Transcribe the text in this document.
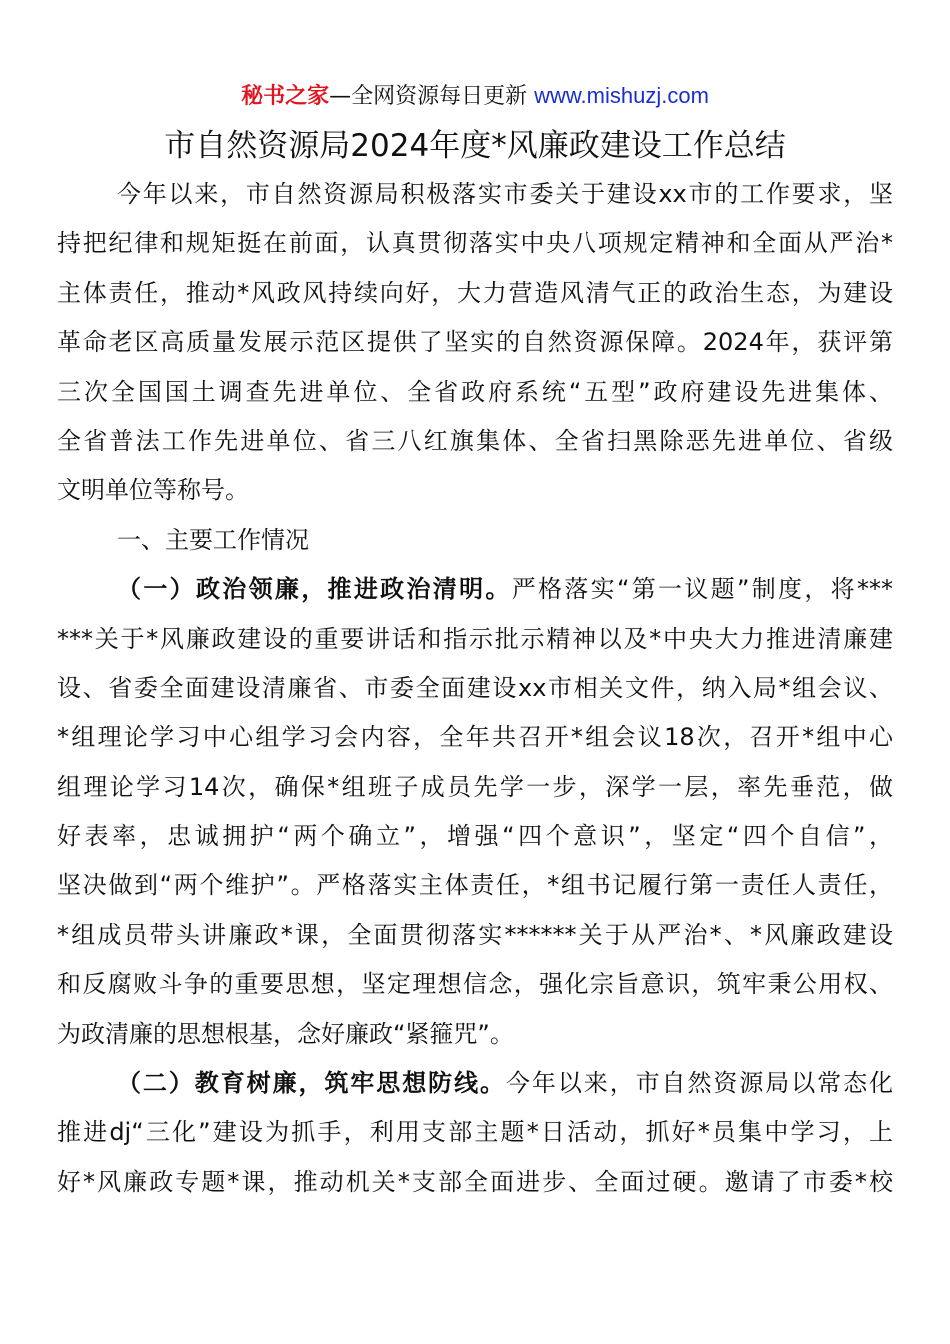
秘书之家—全网资源每日更新 www.mishuzj.com
市自然资源局2024年度*风廉政建设工作总结
今年以来，市自然资源局积极落实市委关于建设xx市的工作要求，坚
持把纪律和规矩挺在前面，认真贯彻落实中央八项规定精神和全面从严治*
主体责任，推动*风政风持续向好，大力营造风清气正的政治生态，为建设
革命老区高质量发展示范区提供了坚实的自然资源保障。2024年，获评第
三次全国国土调查先进单位、全省政府系统“五型”政府建设先进集体、
全省普法工作先进单位、省三八红旗集体、全省扫黑除恶先进单位、省级
文明单位等称号。
一、主要工作情况
（一）政治领廉，推进政治清明。严格落实“第一议题”制度，将***
***关于*风廉政建设的重要讲话和指示批示精神以及*中央大力推进清廉建
设、省委全面建设清廉省、市委全面建设xx市相关文件，纳入局*组会议、
*组理论学习中心组学习会内容，全年共召开*组会议18次，召开*组中心
组理论学习14次，确保*组班子成员先学一步，深学一层，率先垂范，做
好表率，忠诚拥护“两个确立”，增强“四个意识”，坚定“四个自信”，
坚决做到“两个维护”。严格落实主体责任，*组书记履行第一责任人责任，
*组成员带头讲廉政*课，全面贯彻落实******关于从严治*、*风廉政建设
和反腐败斗争的重要思想，坚定理想信念，强化宗旨意识，筑牢秉公用权、
为政清廉的思想根基，念好廉政“紧箍咒”。
（二）教育树廉，筑牢思想防线。今年以来，市自然资源局以常态化
推进dj“三化”建设为抓手，利用支部主题*日活动，抓好*员集中学习，上
好*风廉政专题*课，推动机关*支部全面进步、全面过硬。邀请了市委*校
